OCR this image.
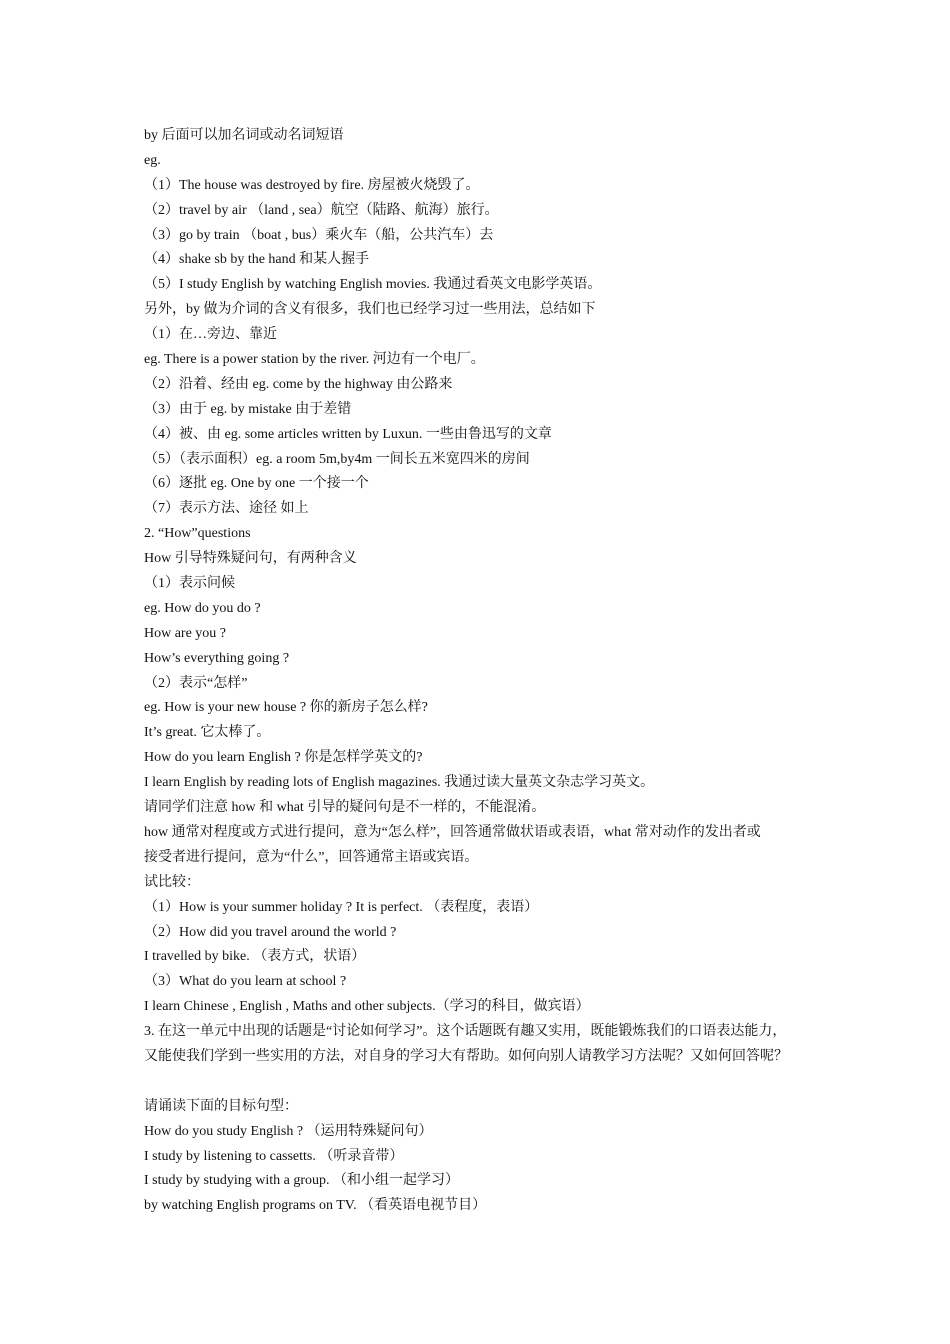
by 后面可以加名词或动名词短语
eg.
（1）The house was destroyed by fire. 房屋被火烧毁了。
（2）travel by air （land , sea）航空（陆路、航海）旅行。
（3）go by train （boat , bus）乘火车（船，公共汽车）去
（4）shake sb by the hand 和某人握手
（5）I study English by watching English movies. 我通过看英文电影学英语。
另外，by 做为介词的含义有很多，我们也已经学习过一些用法，总结如下
（1）在…旁边、靠近
eg. There is a power station by the river. 河边有一个电厂。
（2）沿着、经由 eg. come by the highway 由公路来
（3）由于 eg. by mistake 由于差错
（4）被、由 eg. some articles written by Luxun. 一些由鲁迅写的文章
（5）（表示面积）eg. a room 5m,by4m 一间长五米宽四米的房间
（6）逐批 eg. One by one 一个接一个
（7）表示方法、途径 如上
2. “How”questions
How 引导特殊疑问句，有两种含义
（1）表示问候
eg. How do you do ?
How are you ?
How’s everything going ?
（2）表示“怎样”
eg. How is your new house ? 你的新房子怎么样?
It’s great. 它太棒了。
How do you learn English ? 你是怎样学英文的?
I learn English by reading lots of English magazines. 我通过读大量英文杂志学习英文。
请同学们注意 how 和 what 引导的疑问句是不一样的，不能混淆。
how 通常对程度或方式进行提问，意为“怎么样”，回答通常做状语或表语，what 常对动作的发出者或
接受者进行提问，意为“什么”，回答通常主语或宾语。
试比较：
（1）How is your summer holiday ? It is perfect. （表程度，表语）
（2）How did you travel around the world ?
I travelled by bike. （表方式，状语）
（3）What do you learn at school ?
I learn Chinese , English , Maths and other subjects.（学习的科目，做宾语）
3. 在这一单元中出现的话题是“讨论如何学习”。这个话题既有趣又实用，既能锻炼我们的口语表达能力，
又能使我们学到一些实用的方法，对自身的学习大有帮助。如何向别人请教学习方法呢？又如何回答呢？
请诵读下面的目标句型：
How do you study English ? （运用特殊疑问句）
I study by listening to cassetts. （听录音带）
I study by studying with a group. （和小组一起学习）
by watching English programs on TV. （看英语电视节目）
